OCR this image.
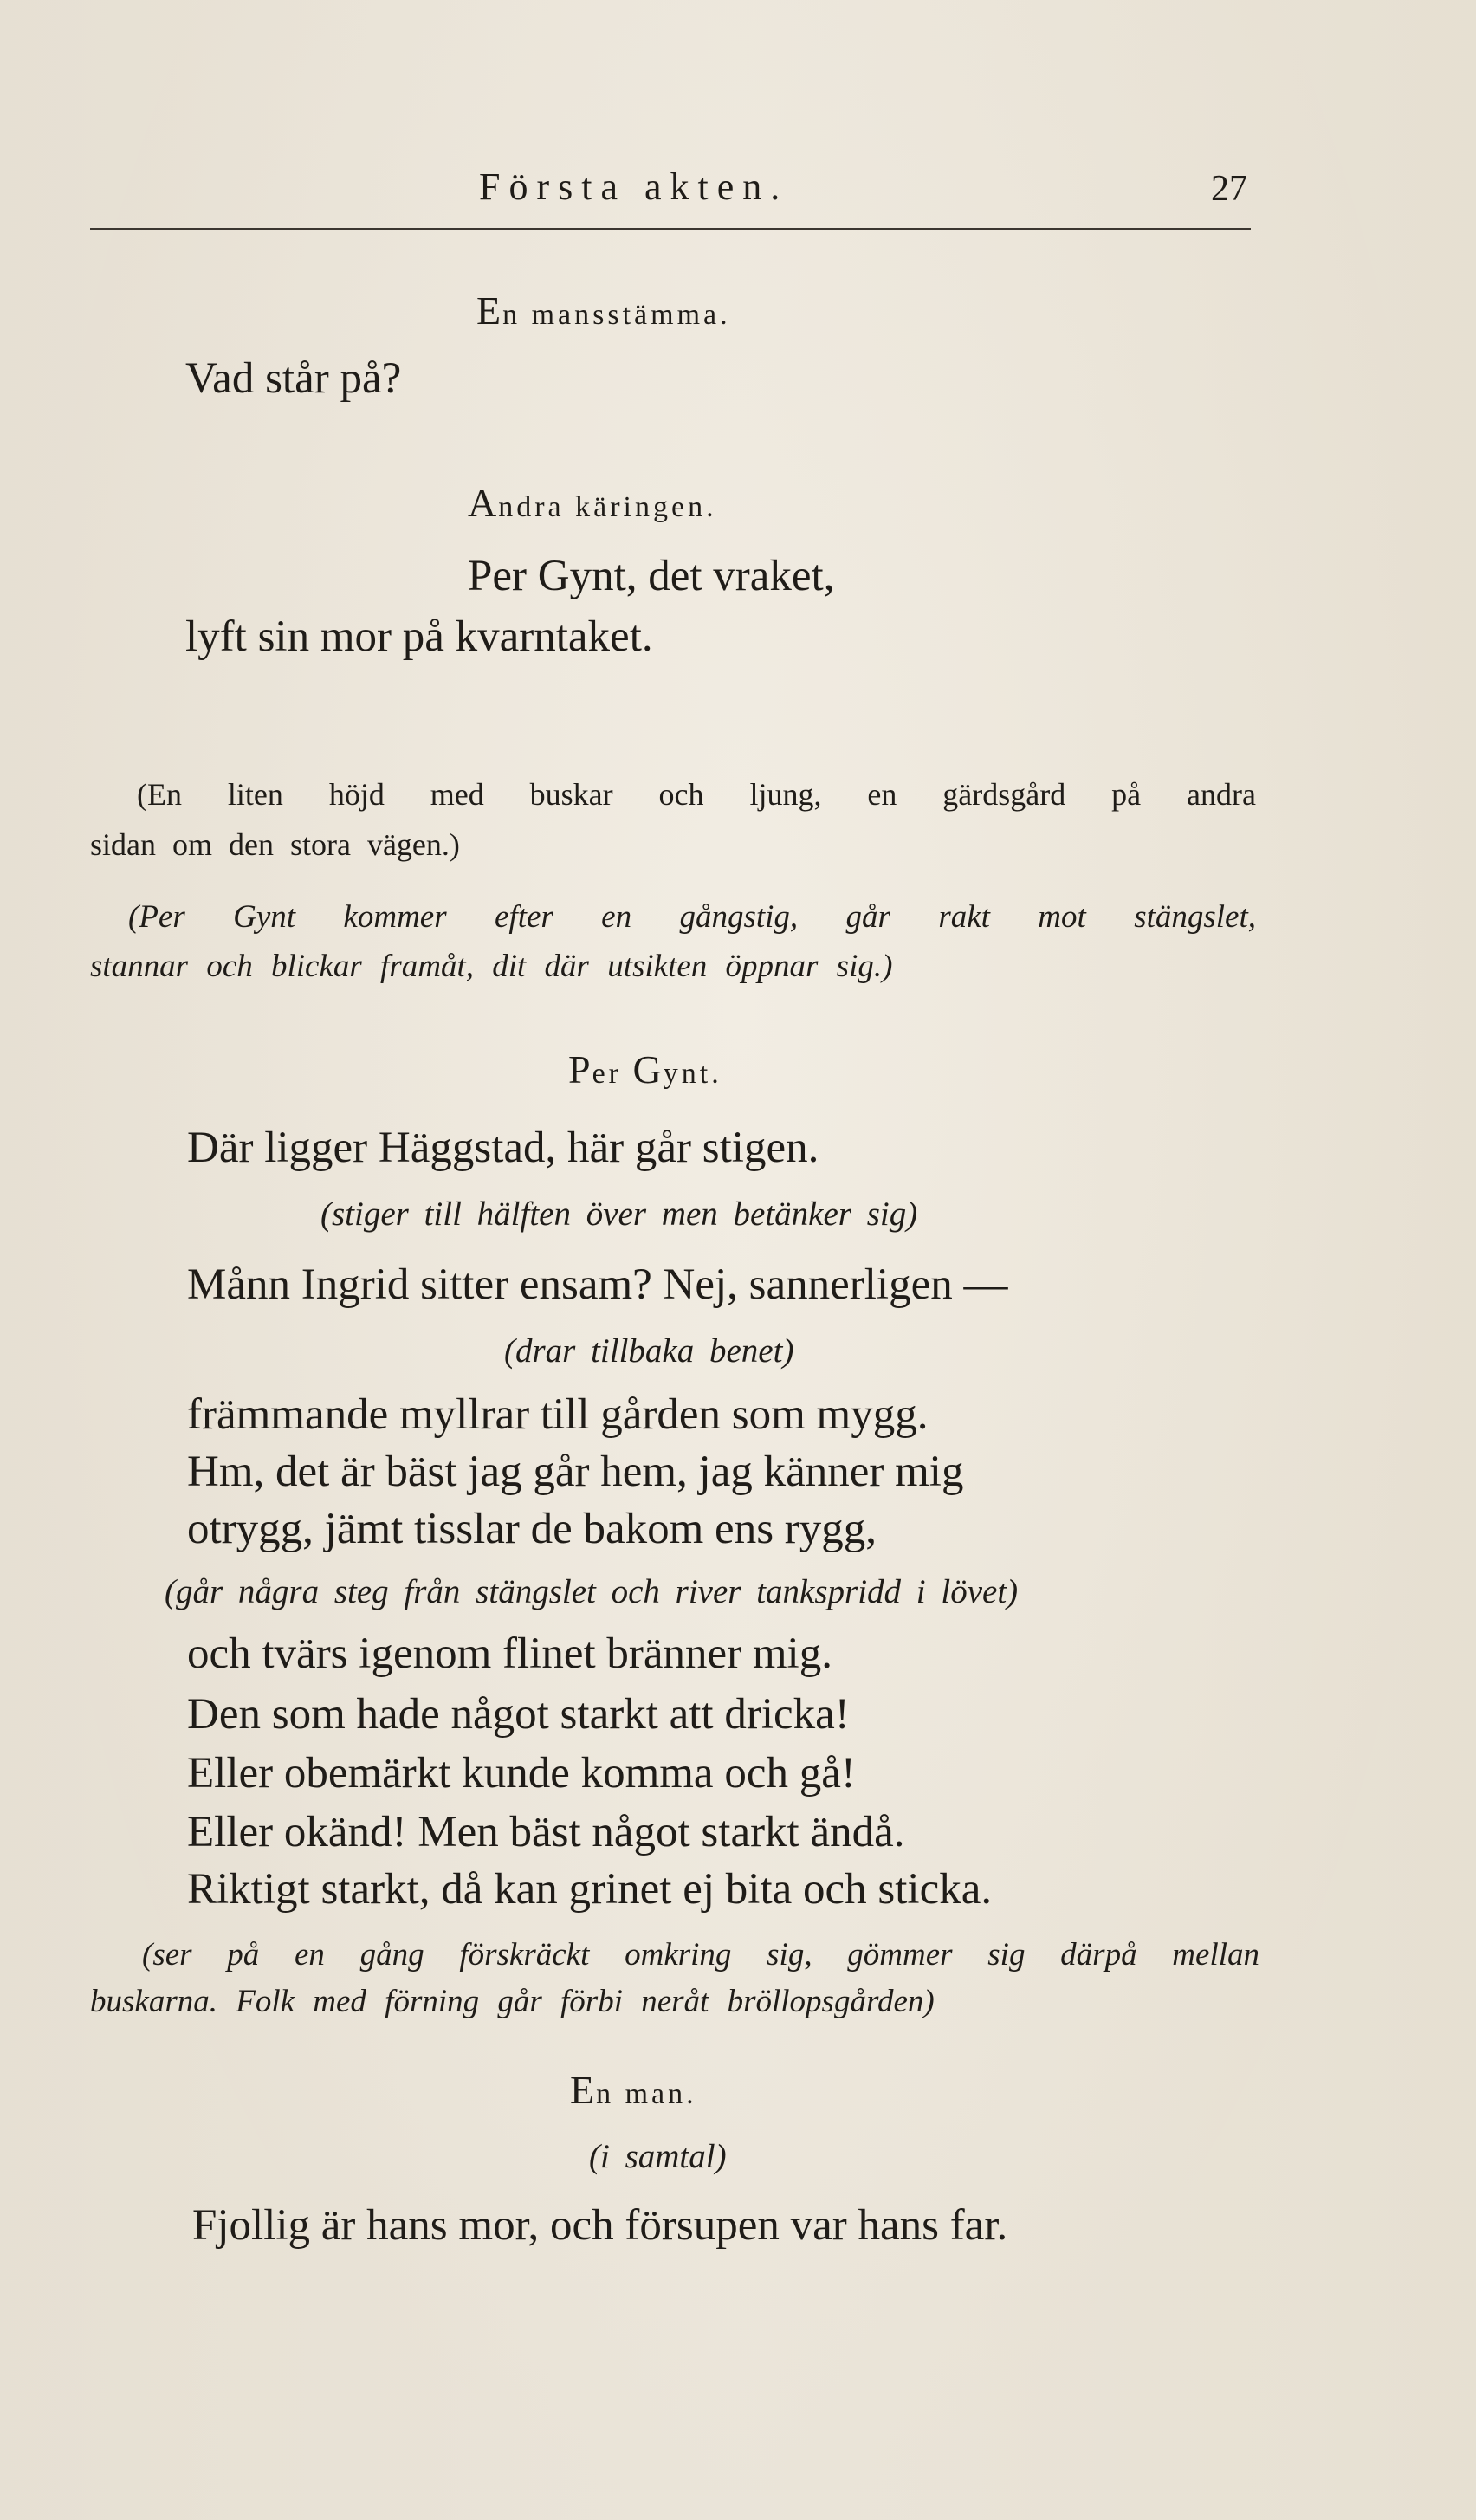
Första akten.	27
En mansstämma.
Vad står på?
Andra käringen.
Per Gynt, det vraket,
lyft sin mor på kvarntaket.
(En liten höjd med buskar och ljung, en gärdsgård på andra
sidan om den stora vägen.)
(Per Gynt kommer efter en gångstig, går rakt mot stängslet,
stannar och blickar framåt, dit där utsikten öppnar sig.)
Per Gynt.
Där ligger Häggstad, här går stigen.
(stiger till hälften över men betänker sig)
Månn Ingrid sitter ensam? Nej, sannerligen —
(drar tillbaka benet)
främmande myllrar till gården som mygg.
Hm, det är bäst jag går hem, jag känner mig
otrygg, jämt tisslar de bakom ens rygg,
(går några steg från stängslet och river tankspridd i lövet)
och tvärs igenom flinet bränner mig.
Den som hade något starkt att dricka!
Eller obemärkt kunde komma och gå!
Eller okänd! Men bäst något starkt ändå.
Riktigt starkt, då kan grinet ej bita och sticka.
(ser på en gång förskräckt omkring sig, gömmer sig därpå mellan
buskarna. Folk med förning går förbi neråt bröllopsgården)
En man.
(i samtal)
Fjollig är hans mor, och försupen var hans far.
